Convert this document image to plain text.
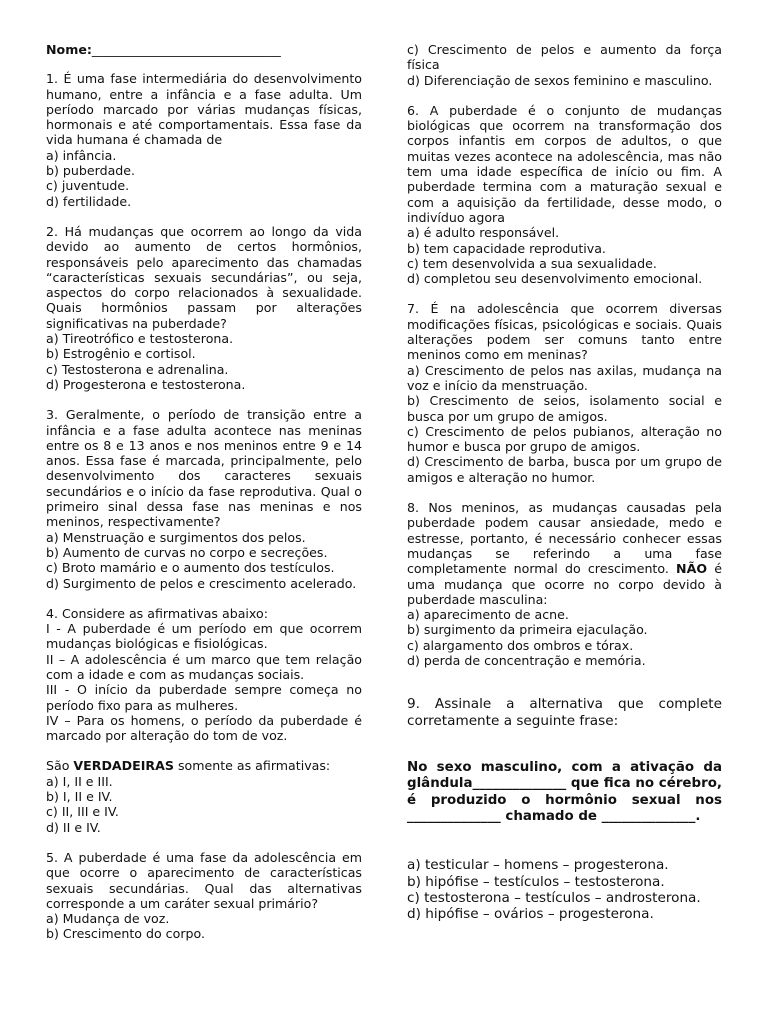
Nome:______________________________

1. É uma fase intermediária do desenvolvimento humano, entre a infância e a fase adulta. Um período marcado por várias mudanças físicas, hormonais e até comportamentais. Essa fase da vida humana é chamada de

a) infância.

b) puberdade.

c) juventude.

d) fertilidade.

2. Há mudanças que ocorrem ao longo da vida devido ao aumento de certos hormônios, responsáveis pelo aparecimento das chamadas “características sexuais secundárias”, ou seja, aspectos do corpo relacionados à sexualidade. Quais hormônios passam por alterações significativas na puberdade?

a) Tireotrófico e testosterona.

b) Estrogênio e cortisol.

c) Testosterona e adrenalina.

d) Progesterona e testosterona.

3. Geralmente, o período de transição entre a infância e a fase adulta acontece nas meninas entre os 8 e 13 anos e nos meninos entre 9 e 14 anos. Essa fase é marcada, principalmente, pelo desenvolvimento dos caracteres sexuais secundários e o início da fase reprodutiva. Qual o primeiro sinal dessa fase nas meninas e nos meninos, respectivamente?

a) Menstruação e surgimentos dos pelos.

b) Aumento de curvas no corpo e secreções.

c) Broto mamário e o aumento dos testículos.

d) Surgimento de pelos e crescimento acelerado.

4. Considere as afirmativas abaixo:

I - A puberdade é um período em que ocorrem mudanças biológicas e fisiológicas.

II – A adolescência é um marco que tem relação com a idade e com as mudanças sociais.

III - O início da puberdade sempre começa no período fixo para as mulheres.

IV – Para os homens, o período da puberdade é marcado por alteração do tom de voz.

São VERDADEIRAS somente as afirmativas:

a) I, II e III.

b) I, II e IV.

c) II, III e IV.

d) II e IV.

5. A puberdade é uma fase da adolescência em que ocorre o aparecimento de características sexuais secundárias. Qual das alternativas corresponde a um caráter sexual primário?

a) Mudança de voz.

b) Crescimento do corpo.

c) Crescimento de pelos e aumento da força física

d) Diferenciação de sexos feminino e masculino.

6. A puberdade é o conjunto de mudanças biológicas que ocorrem na transformação dos corpos infantis em corpos de adultos, o que muitas vezes acontece na adolescência, mas não tem uma idade específica de início ou fim. A puberdade termina com a maturação sexual e com a aquisição da fertilidade, desse modo, o indivíduo agora

a) é adulto responsável.

b) tem capacidade reprodutiva.

c) tem desenvolvida a sua sexualidade.

d) completou seu desenvolvimento emocional.

7. É na adolescência que ocorrem diversas modificações físicas, psicológicas e sociais. Quais alterações podem ser comuns tanto entre meninos como em meninas?

a) Crescimento de pelos nas axilas, mudança na voz e início da menstruação.

b) Crescimento de seios, isolamento social e busca por um grupo de amigos.

c) Crescimento de pelos pubianos, alteração no humor e busca por grupo de amigos.

d) Crescimento de barba, busca por um grupo de amigos e alteração no humor.

8. Nos meninos, as mudanças causadas pela puberdade podem causar ansiedade, medo e estresse, portanto, é necessário conhecer essas mudanças se referindo a uma fase completamente normal do crescimento. NÃO é uma mudança que ocorre no corpo devido à puberdade masculina:

a) aparecimento de acne.

b) surgimento da primeira ejaculação.

c) alargamento dos ombros e tórax.

d) perda de concentração e memória.

9. Assinale a alternativa que complete corretamente a seguinte frase:

No sexo masculino, com a ativação da glândula______________ que fica no cérebro, é produzido o hormônio sexual nos ______________ chamado de ______________.

a) testicular – homens – progesterona.

b) hipófise – testículos – testosterona.

c) testosterona – testículos – androsterona.

d) hipófise – ovários – progesterona.
